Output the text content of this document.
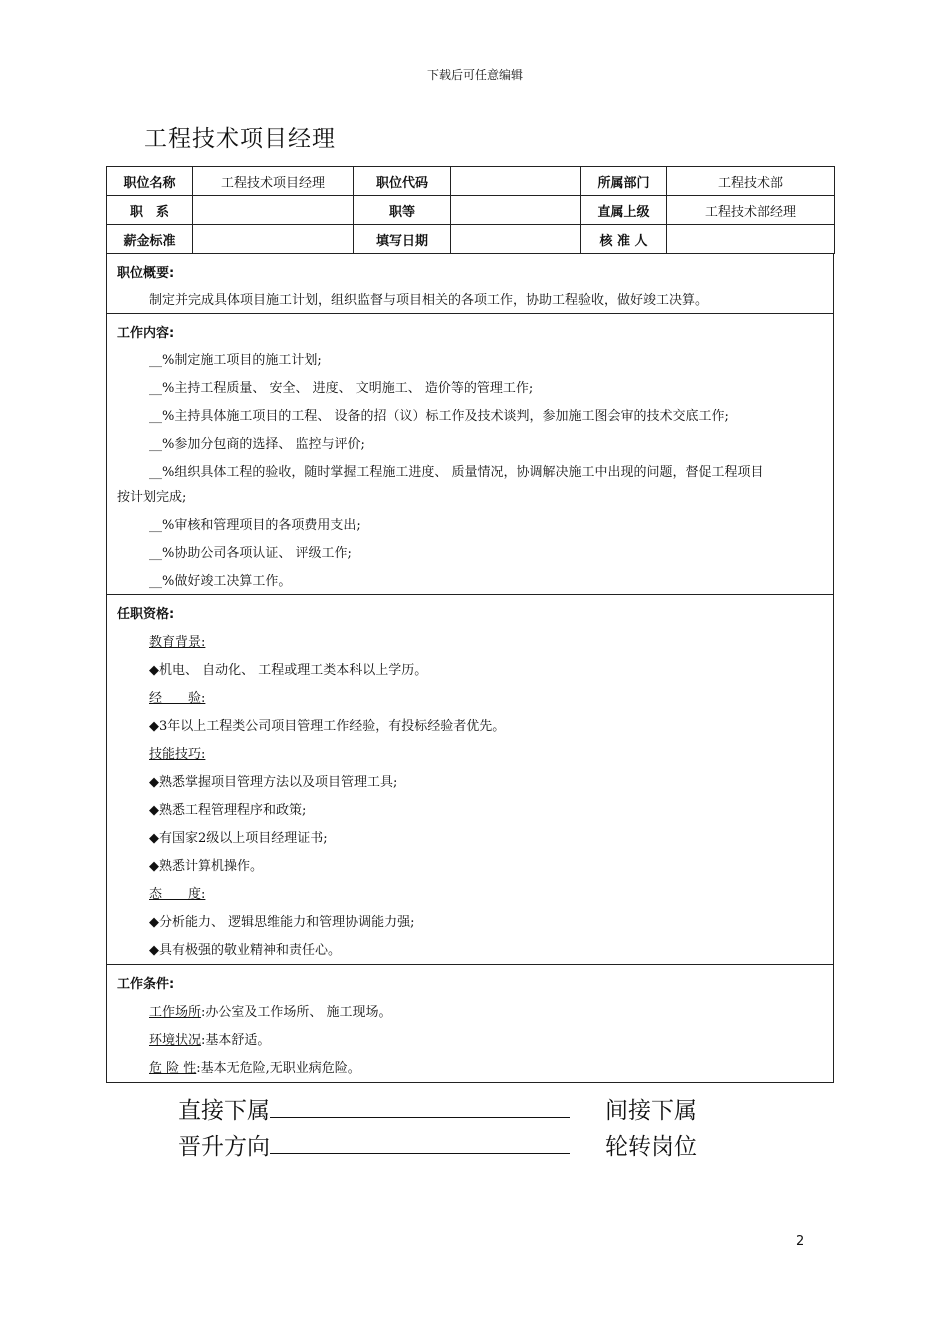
下载后可任意编辑
工程技术项目经理
职位名称	工程技术项目经理	职位代码		所属部门	工程技术部
职　系		职等		直属上级	工程技术部经理
薪金标准		填写日期		核 准 人	
职位概要:
制定并完成具体项目施工计划，组织监督与项目相关的各项工作，协助工程验收，做好竣工决算。
工作内容:
__%制定施工项目的施工计划;
__%主持工程质量、 安全、 进度、 文明施工、 造价等的管理工作;
__%主持具体施工项目的工程、 设备的招（议）标工作及技术谈判，参加施工图会审的技术交底工作;
__%参加分包商的选择、 监控与评价;
__%组织具体工程的验收，随时掌握工程施工进度、 质量情况，协调解决施工中出现的问题，督促工程项目
按计划完成;
__%审核和管理项目的各项费用支出;
__%协助公司各项认证、 评级工作;
__%做好竣工决算工作。
任职资格:
教育背景:
◆机电、 自动化、 工程或理工类本科以上学历。
经　　验:
◆3年以上工程类公司项目管理工作经验，有投标经验者优先。
技能技巧:
◆熟悉掌握项目管理方法以及项目管理工具;
◆熟悉工程管理程序和政策;
◆有国家2级以上项目经理证书;
◆熟悉计算机操作。
态　　度:
◆分析能力、 逻辑思维能力和管理协调能力强;
◆具有极强的敬业精神和责任心。
工作条件:
工作场所:办公室及工作场所、 施工现场。
环境状况:基本舒适。
危 险 性:基本无危险,无职业病危险。
直接下属	间接下属
晋升方向	轮转岗位
2
